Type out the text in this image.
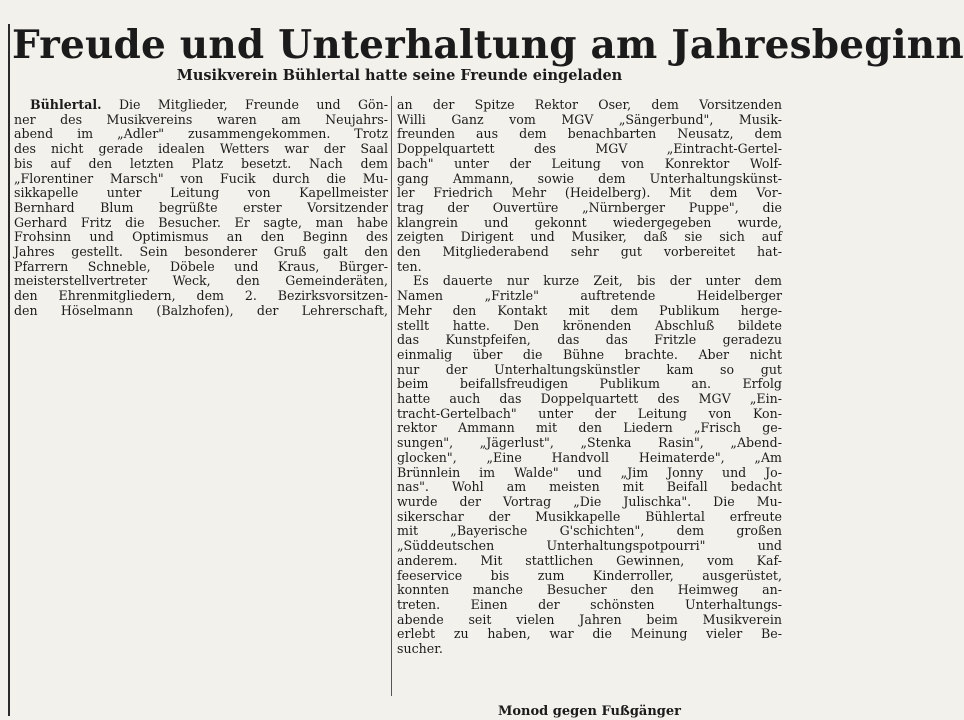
Freude und Unterhaltung am Jahresbeginn
Musikverein Bühlertal hatte seine Freunde eingeladen
Bühlertal. Die Mitglieder, Freunde und Gön-
ner des Musikvereins waren am Neujahrs-
abend im „Adler" zusammengekommen. Trotz
des nicht gerade idealen Wetters war der Saal
bis auf den letzten Platz besetzt. Nach dem
„Florentiner Marsch" von Fucik durch die Mu-
sikkapelle unter Leitung von Kapellmeister
Bernhard Blum begrüßte erster Vorsitzender
Gerhard Fritz die Besucher. Er sagte, man habe
Frohsinn und Optimismus an den Beginn des
Jahres gestellt. Sein besonderer Gruß galt den
Pfarrern Schneble, Döbele und Kraus, Bürger-
meisterstellvertreter Weck, den Gemeinderäten,
den Ehrenmitgliedern, dem 2. Bezirksvorsitzen-
den Höselmann (Balzhofen), der Lehrerschaft,
an der Spitze Rektor Oser, dem Vorsitzenden
Willi Ganz vom MGV „Sängerbund", Musik-
freunden aus dem benachbarten Neusatz, dem
Doppelquartett des MGV „Eintracht-Gertel-
bach" unter der Leitung von Konrektor Wolf-
gang Ammann, sowie dem Unterhaltungskünst-
ler Friedrich Mehr (Heidelberg). Mit dem Vor-
trag der Ouvertüre „Nürnberger Puppe", die
klangrein und gekonnt wiedergegeben wurde,
zeigten Dirigent und Musiker, daß sie sich auf
den Mitgliederabend sehr gut vorbereitet hat-
ten.
Es dauerte nur kurze Zeit, bis der unter dem
Namen „Fritzle" auftretende Heidelberger
Mehr den Kontakt mit dem Publikum herge-
stellt hatte. Den krönenden Abschluß bildete
das Kunstpfeifen, das das Fritzle geradezu
einmalig über die Bühne brachte. Aber nicht
nur der Unterhaltungskünstler kam so gut
beim beifallsfreudigen Publikum an. Erfolg
hatte auch das Doppelquartett des MGV „Ein-
tracht-Gertelbach" unter der Leitung von Kon-
rektor Ammann mit den Liedern „Frisch ge-
sungen", „Jägerlust", „Stenka Rasin", „Abend-
glocken", „Eine Handvoll Heimaterde", „Am
Brünnlein im Walde" und „Jim Jonny und Jo-
nas". Wohl am meisten mit Beifall bedacht
wurde der Vortrag „Die Julischka". Die Mu-
sikerschar der Musikkapelle Bühlertal erfreute
mit „Bayerische G'schichten", dem großen
„Süddeutschen Unterhaltungspotpourri" und
anderem. Mit stattlichen Gewinnen, vom Kaf-
feeservice bis zum Kinderroller, ausgerüstet,
konnten manche Besucher den Heimweg an-
treten. Einen der schönsten Unterhaltungs-
abende seit vielen Jahren beim Musikverein
erlebt zu haben, war die Meinung vieler Be-
sucher.
Monod gegen Fußgänger
